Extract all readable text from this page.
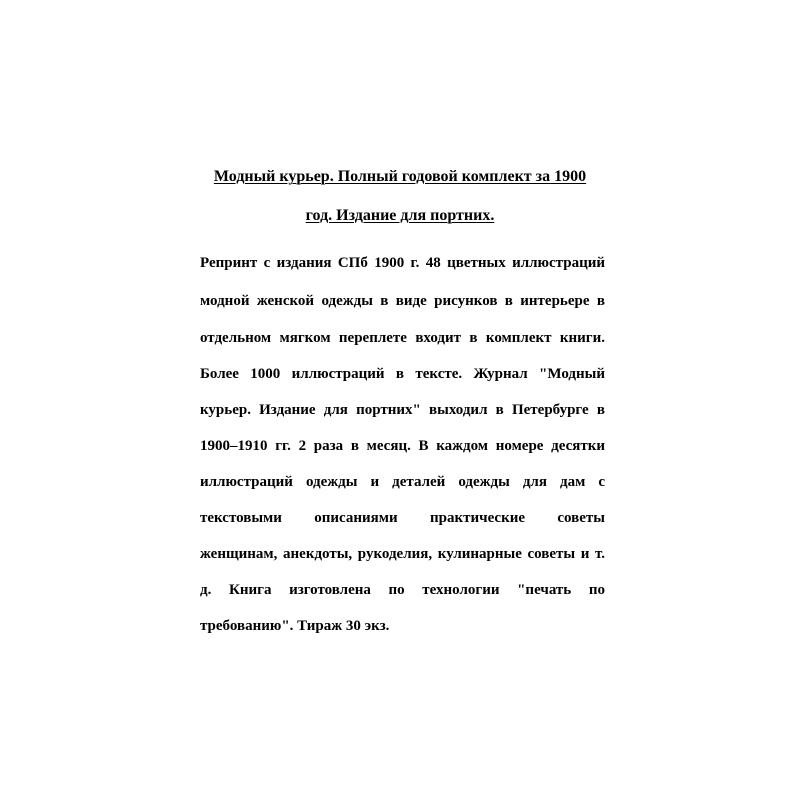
Модный курьер. Полный годовой комплект за 1900
год. Издание для портних.
Репринт с издания СПб 1900 г. 48 цветных иллюстраций
модной женской одежды в виде рисунков в интерьере в
отдельном мягком переплете входит в комплект книги.
Более 1000 иллюстраций в тексте. Журнал "Модный
курьер. Издание для портних" выходил в Петербурге в
1900–1910 гг. 2 раза в месяц. В каждом номере десятки
иллюстраций одежды и деталей одежды для дам с
текстовыми описаниями практические советы
женщинам, анекдоты, рукоделия, кулинарные советы и т.
д. Книга изготовлена по технологии "печать по
требованию". Тираж 30 экз.
